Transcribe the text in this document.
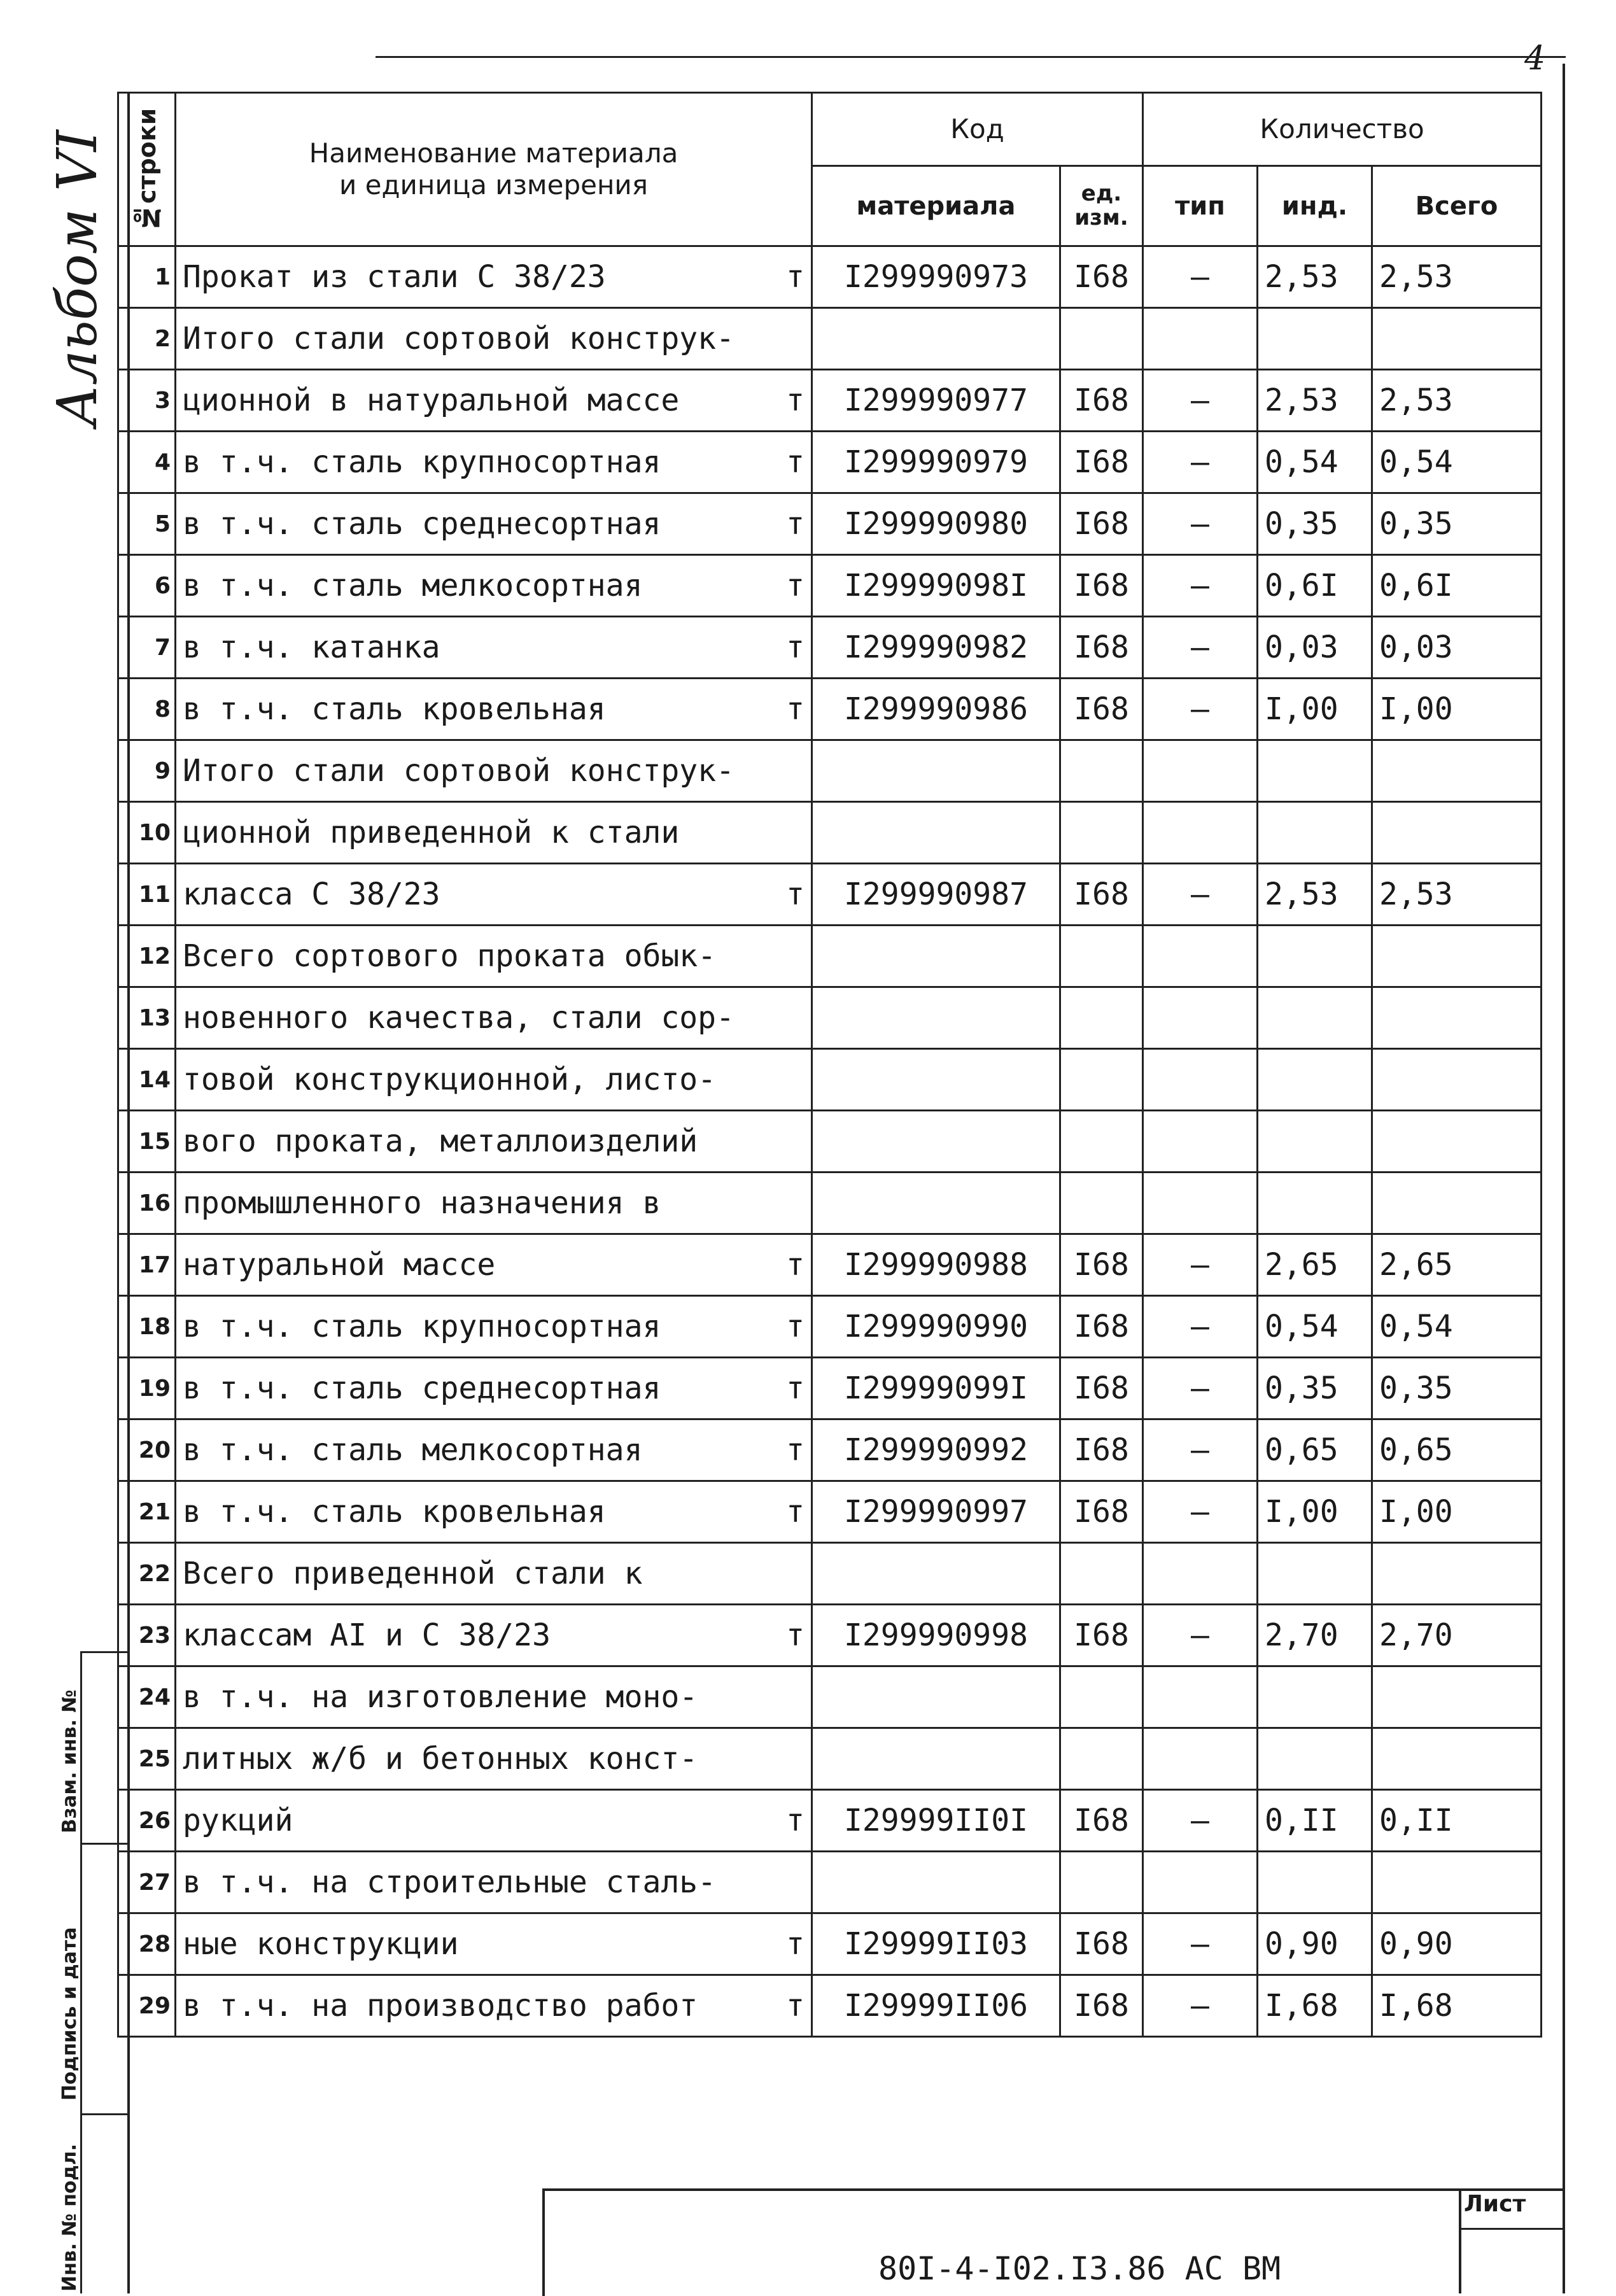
4
Альбом VI №строки	Наименование материала
и единица измерения	Код		Количество		
		материала	ед. изм.	тип	инд.	Всего
1	Прокат из стали С 38/23 т	I299990973	I68	–	2,53	2,53
2	Итого стали сортовой конструк-					

3	ционной в натуральной массе т	I299990977	I68	–	2,53	2,53
4	в т.ч. сталь крупносортная т	I299990979	I68	–	0,54	0,54
5	в т.ч. сталь среднесортная т	I299990980	I68	–	0,35	0,35
6	в т.ч. сталь мелкосортная т	I29999098I	I68	–	0,6I	0,6I
7	в т.ч. катанка т	I299990982	I68	–	0,03	0,03
8	в т.ч. сталь кровельная т	I299990986	I68	–	I,00	I,00
9	Итого стали сортовой конструк-					

10	ционной приведенной к стали					

11	класса С 38/23 т	I299990987	I68	–	2,53	2,53
12	Всего сортового проката обык-					

13	новенного качества, стали сор-					

14	товой конструкционной, листо-					

15	вого проката, металлоизделий					

16	промышленного назначения в					

17	натуральной массе т	I299990988	I68	–	2,65	2,65
18	в т.ч. сталь крупносортная т	I299990990	I68	–	0,54	0,54
19	в т.ч. сталь среднесортная т	I29999099I	I68	–	0,35	0,35
20	в т.ч. сталь мелкосортная т	I299990992	I68	–	0,65	0,65
21	в т.ч. сталь кровельная т	I299990997	I68	–	I,00	I,00
22	Всего приведенной стали к					

23	классам АI и С 38/23 т	I299990998	I68	–	2,70	2,70
24	в т.ч. на изготовление моно-					

25	литных ж/б и бетонных конст-					

26	рукций т	I29999II0I	I68	–	0,II	0,II
27	в т.ч. на строительные сталь-					

28	ные конструкции т	I29999II03	I68	–	0,90	0,90
29	в т.ч. на производство работ т	I29999II06	I68	–	I,68	I,68
Взам. инв. №
Подпись и дата
Инв. № подл.	80I-4-I02.I3.86 АС ВМ
Лист
